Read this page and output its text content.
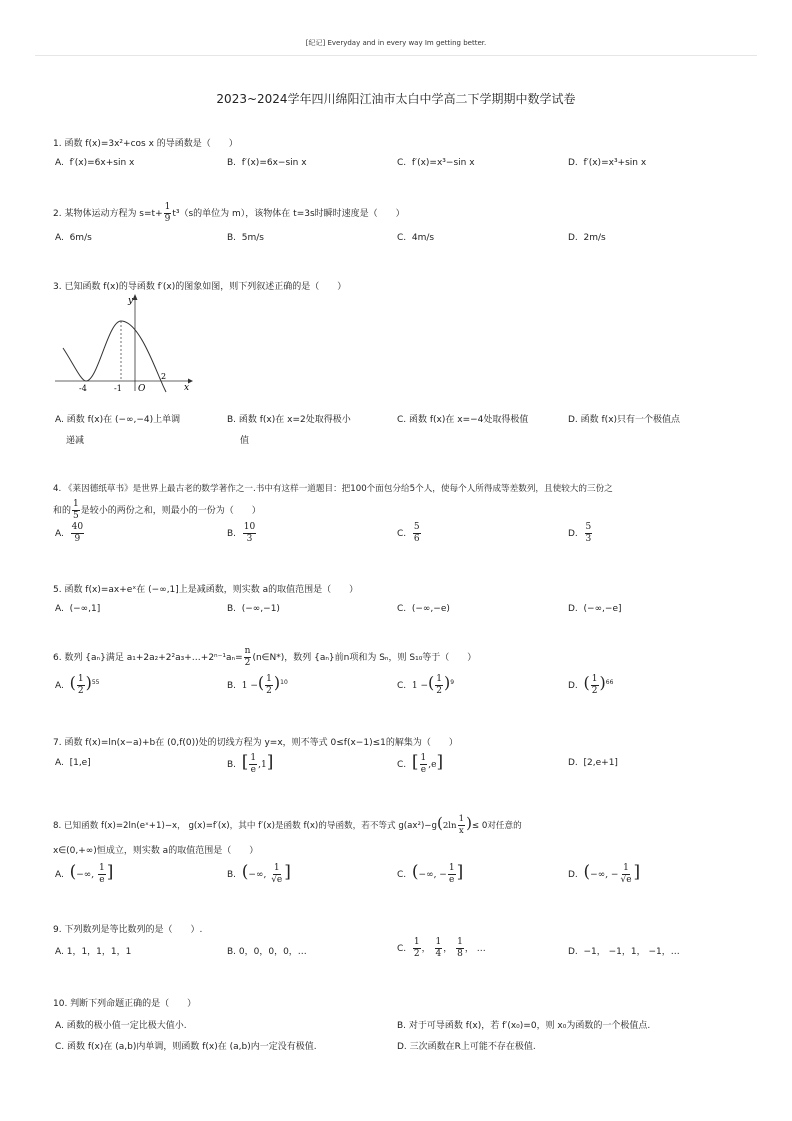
[纪记] Everyday and in every way Im getting better.
2023~2024学年四川绵阳江油市太白中学高二下学期期中数学试卷
1. 函数 f(x)=3x²+cos x 的导函数是（　　）
A.  f′(x)=6x+sin x	B.  f′(x)=6x−sin x	C.  f′(x)=x³−sin x	D.  f′(x)=x³+sin x
2. 某物体运动方程为 $s=t+ \frac{1}{9} t^3(s$的单位为 m），该物体在 t=3s时瞬时速度是（　　）
A.  6m/s	B.  5m/s	C.  4m/s	D.  2m/s
3. 已知函数 f(x)的导函数 f′(x)的图象如图，则下列叙述正确的是（　　）
y
x
O
-4	-1
2
A. 函数 f(x)在 (−∞,−4)上单调
递减
B. 函数 f(x)在 x=2处取得极小
值
C. 函数 f(x)在 x=−4处取得极值	D. 函数 f(x)只有一个极值点
4. 《莱因德纸草书》是世界上最古老的数学著作之一.书中有这样一道题目：把100个面包分给5个人，使每个人所得成等差数列，且使较大的三份之
和的 $\frac{1}{5}$ 是较小的两份之和，则最小的一份为（　　）
A. $\frac{40}{9}$	B. $\frac{10}{3}$	C. $\frac{5}{6}$	D. $\frac{5}{3}$
5. 函数 f(x)=ax+eˣ在 (−∞,1]上是减函数，则实数 a的取值范围是（　　）
A.  (−∞,1]	B.  (−∞,−1)	C.  (−∞,−e)	D.  (−∞,−e]
6. 数列 {aₙ}满足 a₁+2a₂+2²a₃+…+2ⁿ⁻¹aₙ= $\frac{n}{2}$ (n∈N*)，数列 {aₙ}前n项和为 Sₙ，则 S₁₀等于（　　）
A. ( $\frac{1}{2} )^{55}$	B. 1 −( $\frac{1}{2} )^{10}$	C. 1 −( $\frac{1}{2} )^9$	D. ( $\frac{1}{2} )^{66}$
7. 函数 f(x)=ln(x−a)+b在 (0,f(0))处的切线方程为 y=x，则不等式 0≤f(x−1)≤1的解集为（　　）
A.  [1,e]	B. [ $\frac{1}{e} ,1$]	C. [ $\frac{1}{e} ,e$]	D.  [2,e+1]
8. 已知函数 f(x)=2ln(eˣ+1)−x， g(x)=f′(x)，其中 f′(x)是函数 f(x)的导函数，若不等式 $g(ax^2)-g(2\ln \frac{1}{x}$ )≤ 0对任意的
x∈(0,+∞)恒成立，则实数 a的取值范围是（　　）
A. (−∞, $\frac{1}{e}$ ]	B. (−∞, $\frac{1}{√e}$ ]	C. (−∞, − $\frac{1}{e}$ ]	D. (−∞, − $\frac{1}{√e}$ ]
9. 下列数列是等比数列的是（　　）.
A. 1，1，1，1，1	B. 0，0，0，0，…	C. $\frac{1}{2}$ ， $\frac{1}{4}$ ， $\frac{1}{8}$ ， …	D.  −1， −1，1， −1，…
10. 判断下列命题正确的是（　　）
A. 函数的极小值一定比极大值小.	B. 对于可导函数 f(x)，若 f′(x₀)=0，则 x₀为函数的一个极值点.
C. 函数 f(x)在 (a,b)内单调，则函数 f(x)在 (a,b)内一定没有极值.	D. 三次函数在R上可能不存在极值.
